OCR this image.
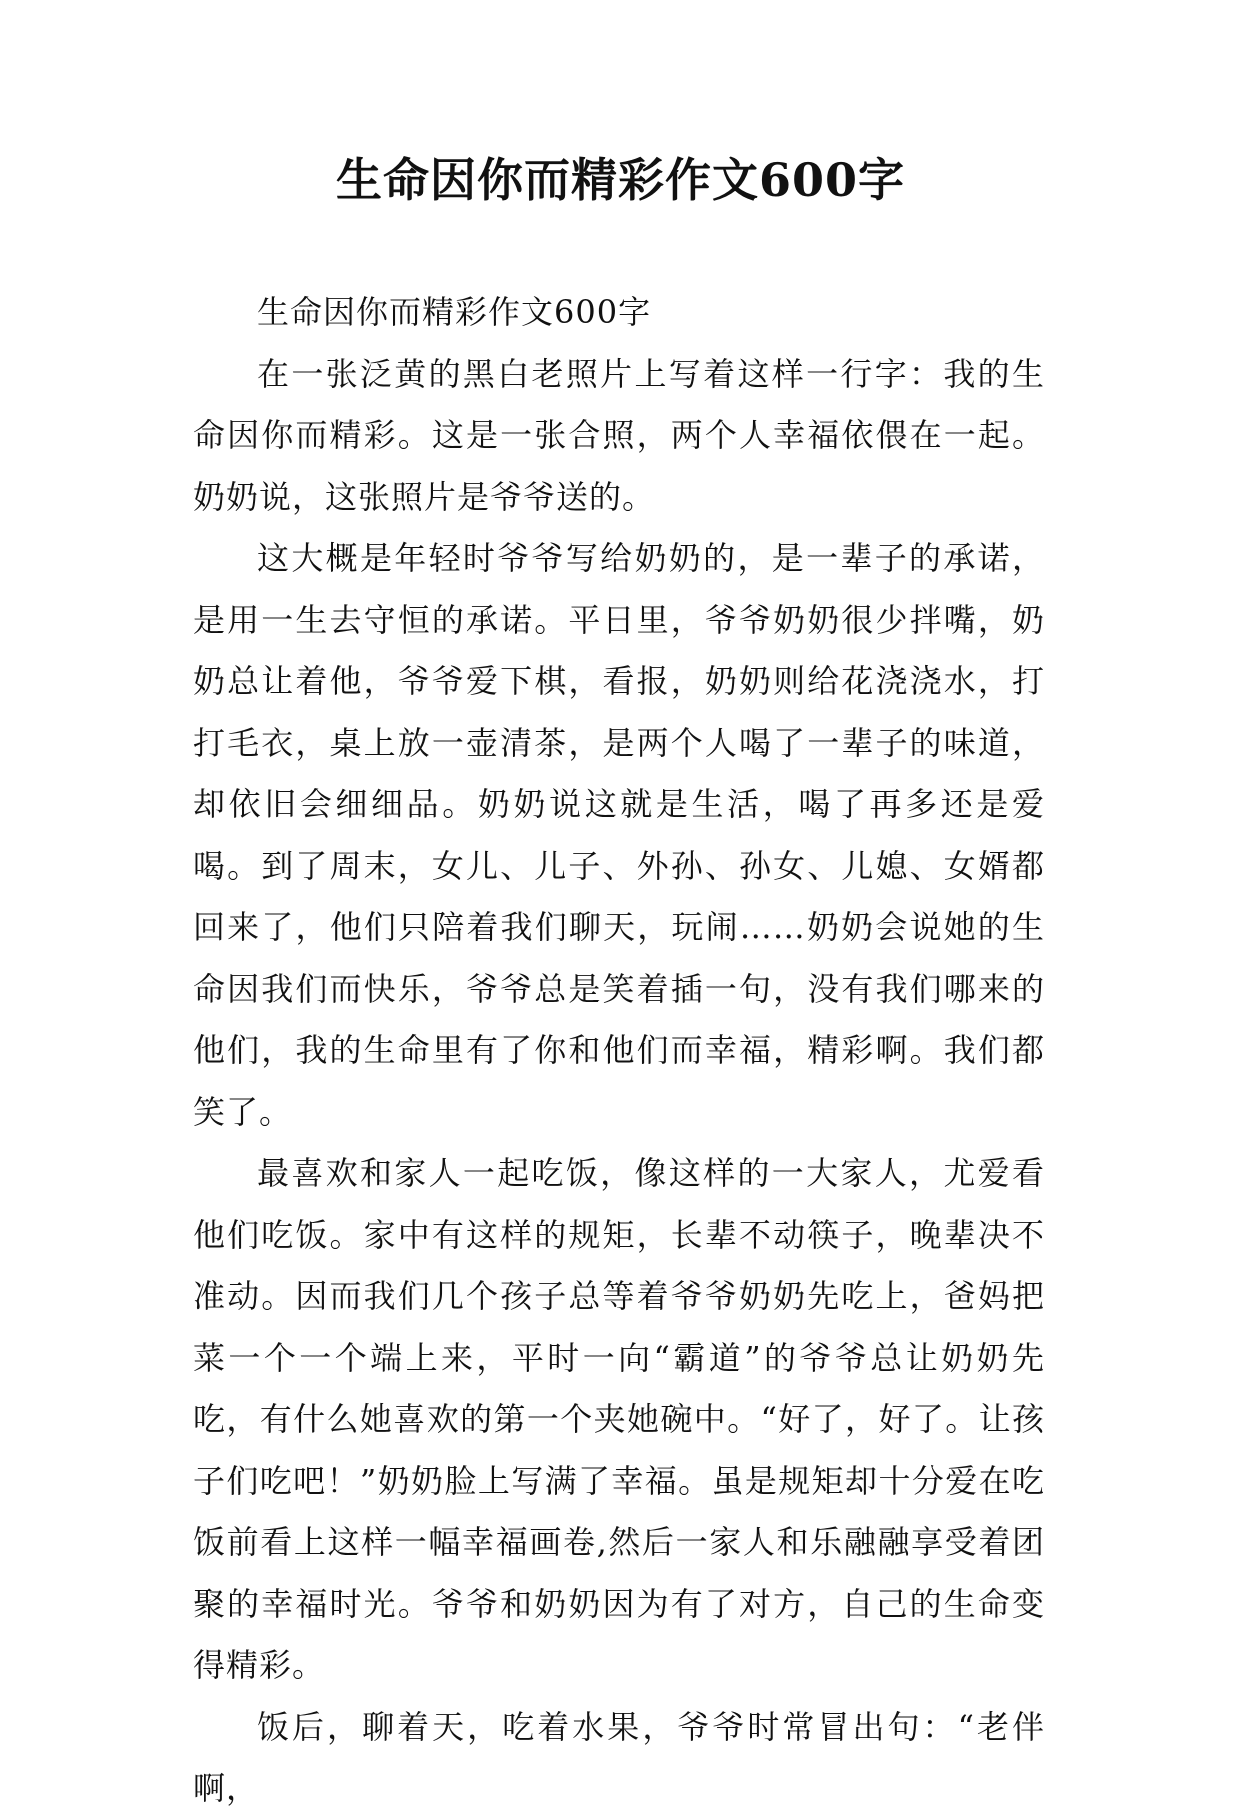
生命因你而精彩作文600字

生命因你而精彩作文600字

在一张泛黄的黑白老照片上写着这样一行字：我的生命因你而精彩。这是一张合照，两个人幸福依偎在一起。奶奶说，这张照片是爷爷送的。

这大概是年轻时爷爷写给奶奶的，是一辈子的承诺，是用一生去守恒的承诺。平日里，爷爷奶奶很少拌嘴，奶奶总让着他，爷爷爱下棋，看报，奶奶则给花浇浇水，打打毛衣，桌上放一壶清茶，是两个人喝了一辈子的味道，却依旧会细细品。奶奶说这就是生活，喝了再多还是爱喝。到了周末，女儿、儿子、外孙、孙女、儿媳、女婿都回来了，他们只陪着我们聊天，玩闹……奶奶会说她的生命因我们而快乐，爷爷总是笑着插一句，没有我们哪来的他们，我的生命里有了你和他们而幸福，精彩啊。我们都笑了。

最喜欢和家人一起吃饭，像这样的一大家人，尤爱看他们吃饭。家中有这样的规矩，长辈不动筷子，晚辈决不准动。因而我们几个孩子总等着爷爷奶奶先吃上，爸妈把菜一个一个端上来，平时一向“霸道”的爷爷总让奶奶先吃，有什么她喜欢的第一个夹她碗中。“好了，好了。让孩子们吃吧！”奶奶脸上写满了幸福。虽是规矩却十分爱在吃饭前看上这样一幅幸福画卷,然后一家人和乐融融享受着团聚的幸福时光。爷爷和奶奶因为有了对方，自己的生命变得精彩。

饭后，聊着天，吃着水果，爷爷时常冒出句：“老伴啊，
